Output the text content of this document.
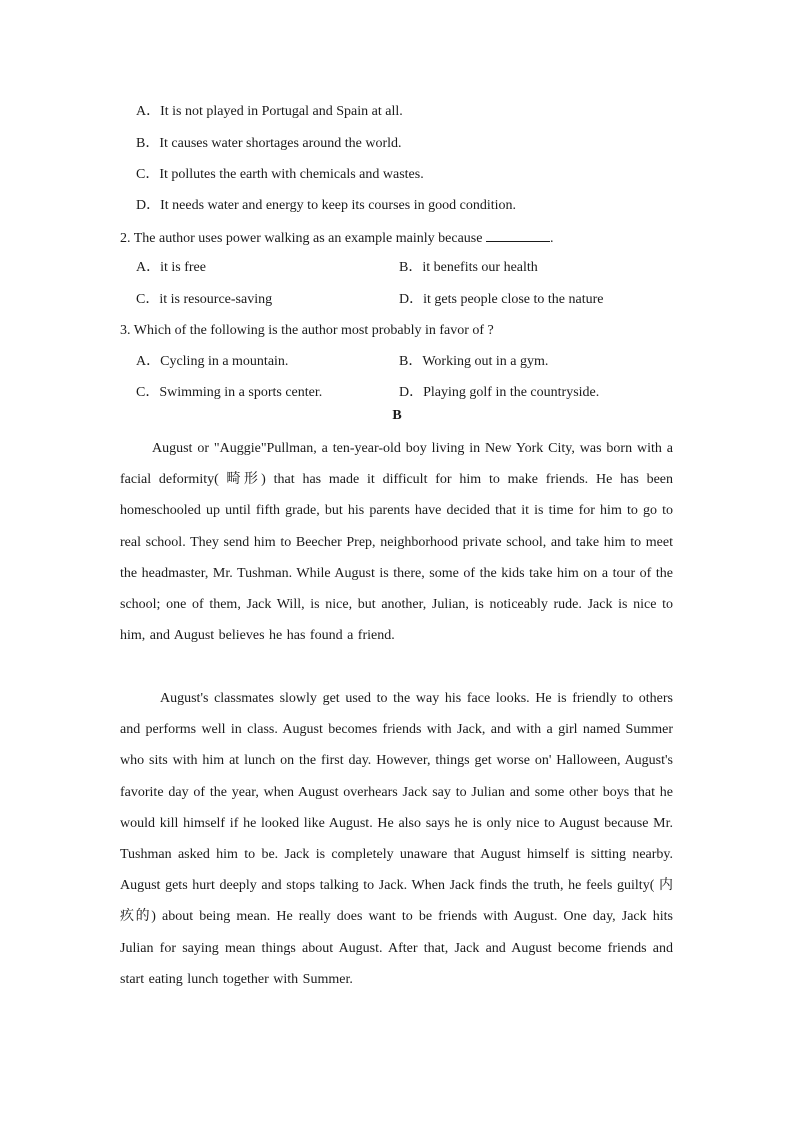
A．It is not played in Portugal and Spain at all.
B．It causes water shortages around the world.
C．It pollutes the earth with chemicals and wastes.
D．It needs water and energy to keep its courses in good condition.
2. The author uses power walking as an example mainly because	.
A．it is free	B．it benefits our health
C．it is resource-saving	D．it gets people close to the nature
3. Which of the following is the author most probably in favor of ?
A．Cycling in a mountain.	B．Working out in a gym.
C．Swimming in a sports center.	D．Playing golf in the countryside.
B
August or "Auggie"Pullman, a ten-year-old boy living in New York City, was born with a facial deformity( 畸形) that has made it difficult for him to make friends. He has been homeschooled up until fifth grade, but his parents have decided that it is time for him to go to real school. They send him to Beecher Prep, neighborhood private school, and take him to meet the headmaster, Mr. Tushman. While August is there, some of the kids take him on a tour of the school; one of them, Jack Will, is nice, but another, Julian, is noticeably rude. Jack is nice to him, and August believes he has found a friend.
August's classmates slowly get used to the way his face looks. He is friendly to others and performs well in class. August becomes friends with Jack, and with a girl named Summer who sits with him at lunch on the first day. However, things get worse on' Halloween, August's favorite day of the year, when August overhears Jack say to Julian and some other boys that he would kill himself if he looked like August. He also says he is only nice to August because Mr. Tushman asked him to be. Jack is completely unaware that August himself is sitting nearby. August gets hurt deeply and stops talking to Jack. When Jack finds the truth, he feels guilty( 内疚的) about being mean. He really does want to be friends with August. One day, Jack hits Julian for saying mean things about August. After that, Jack and August become friends and start eating lunch together with Summer.
